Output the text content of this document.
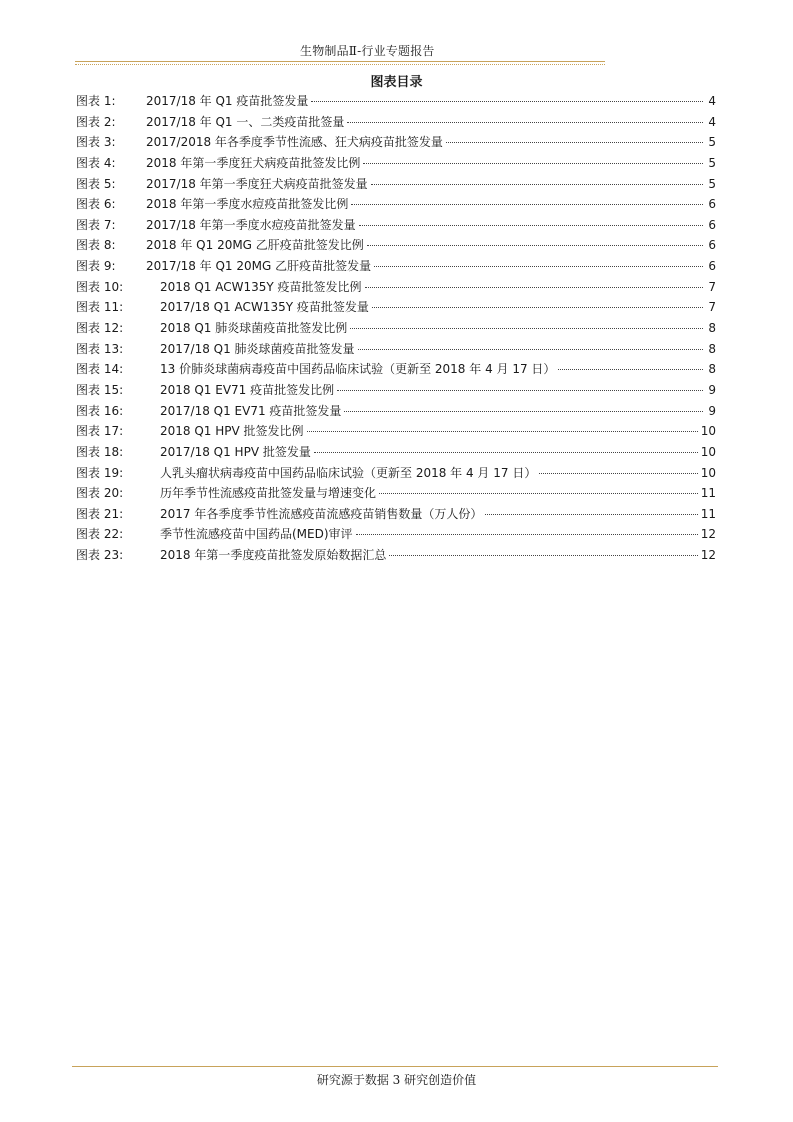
生物制品Ⅱ-行业专题报告
图表目录
图表 1:	2017/18 年 Q1 疫苗批签发量	4
图表 2:	2017/18 年 Q1 一、二类疫苗批签量	4
图表 3:	2017/2018 年各季度季节性流感、狂犬病疫苗批签发量	5
图表 4:	2018 年第一季度狂犬病疫苗批签发比例	5
图表 5:	2017/18 年第一季度狂犬病疫苗批签发量	5
图表 6:	2018 年第一季度水痘疫苗批签发比例	6
图表 7:	2017/18 年第一季度水痘疫苗批签发量	6
图表 8:	2018 年 Q1 20MG 乙肝疫苗批签发比例	6
图表 9:	2017/18 年 Q1 20MG 乙肝疫苗批签发量	6
图表 10:	2018 Q1 ACW135Y 疫苗批签发比例	7
图表 11:	2017/18 Q1 ACW135Y 疫苗批签发量	7
图表 12:	2018 Q1 肺炎球菌疫苗批签发比例	8
图表 13:	2017/18 Q1 肺炎球菌疫苗批签发量	8
图表 14:	13 价肺炎球菌病毒疫苗中国药品临床试验（更新至 2018 年 4 月 17 日）	8
图表 15:	2018 Q1 EV71 疫苗批签发比例	9
图表 16:	2017/18 Q1 EV71 疫苗批签发量	9
图表 17:	2018 Q1 HPV 批签发比例	10
图表 18:	2017/18 Q1 HPV 批签发量	10
图表 19:	人乳头瘤状病毒疫苗中国药品临床试验（更新至 2018 年 4 月 17 日）	10
图表 20:	历年季节性流感疫苗批签发量与增速变化	11
图表 21:	2017 年各季度季节性流感疫苗流感疫苗销售数量（万人份）	11
图表 22:	季节性流感疫苗中国药品(MED)审评	12
图表 23:	2018 年第一季度疫苗批签发原始数据汇总	12
研究源于数据 3 研究创造价值
